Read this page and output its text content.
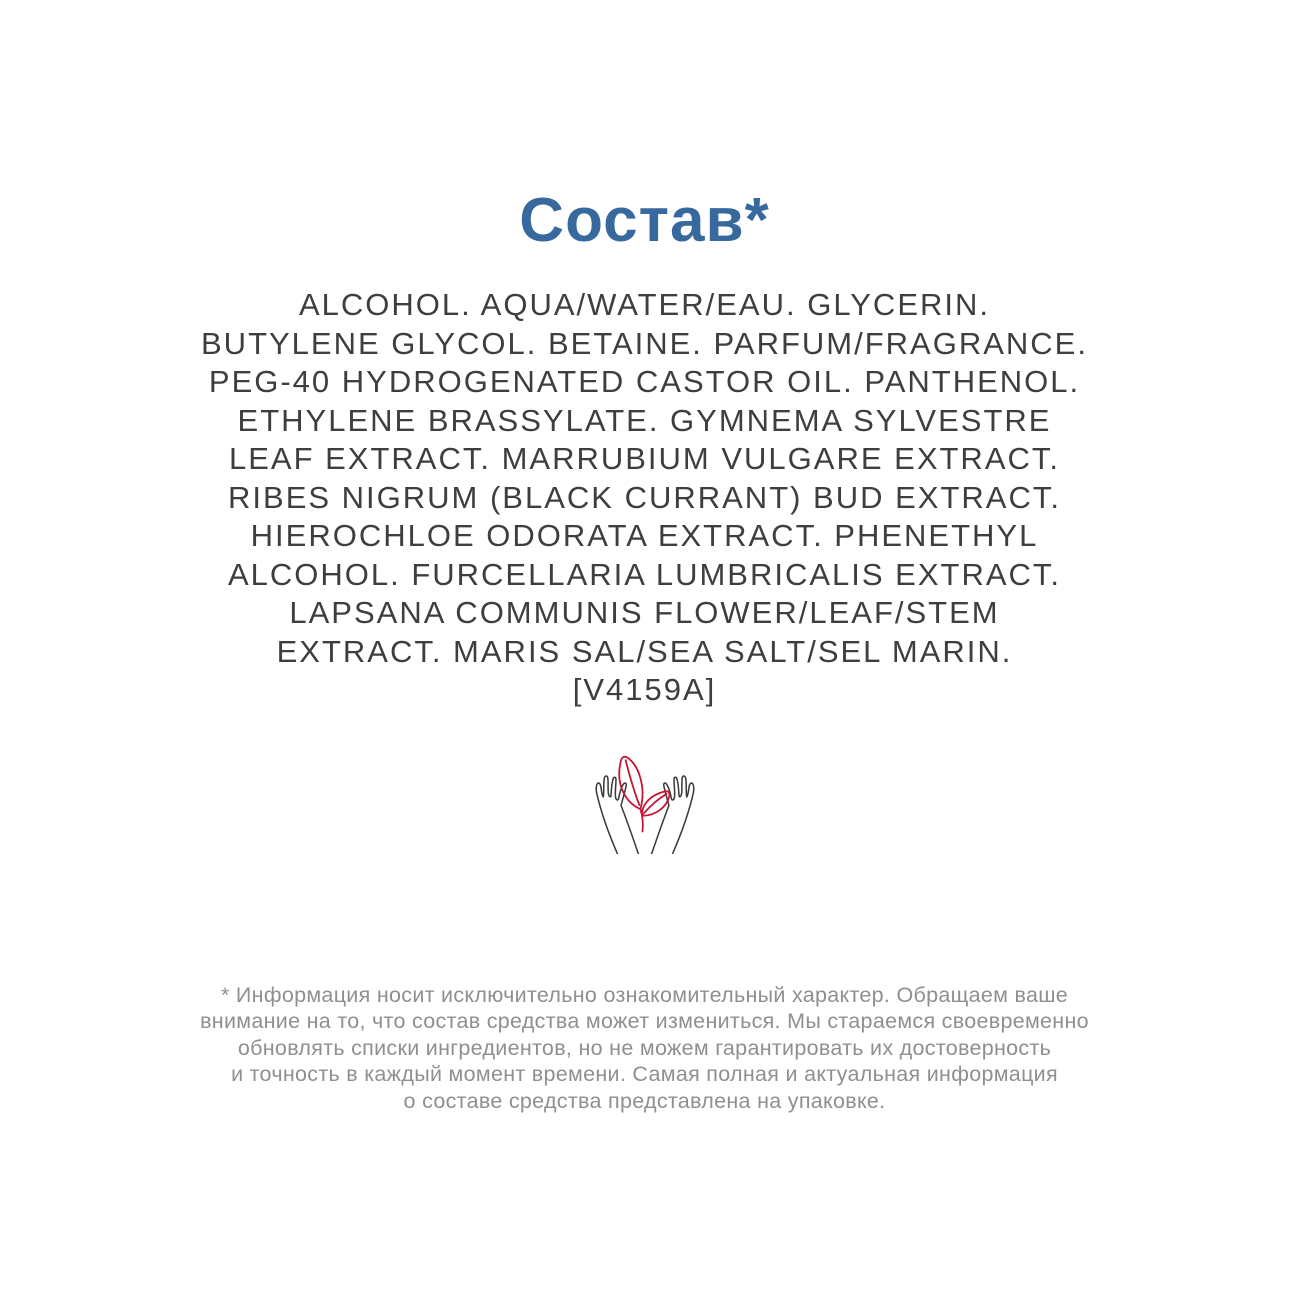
Состав*
ALCOHOL. AQUA/WATER/EAU. GLYCERIN.
BUTYLENE GLYCOL. BETAINE. PARFUM/FRAGRANCE.
PEG-40 HYDROGENATED CASTOR OIL. PANTHENOL.
ETHYLENE BRASSYLATE. GYMNEMA SYLVESTRE
LEAF EXTRACT. MARRUBIUM VULGARE EXTRACT.
RIBES NIGRUM (BLACK CURRANT) BUD EXTRACT.
HIEROCHLOE ODORATA EXTRACT. PHENETHYL
ALCOHOL. FURCELLARIA LUMBRICALIS EXTRACT.
LAPSANA COMMUNIS FLOWER/LEAF/STEM
EXTRACT. MARIS SAL/SEA SALT/SEL MARIN.
[V4159A]
* Информация носит исключительно ознакомительный характер. Обращаем ваше
внимание на то, что состав средства может измениться. Мы стараемся своевременно
обновлять списки ингредиентов, но не можем гарантировать их достоверность
и точность в каждый момент времени. Самая полная и актуальная информация
о составе средства представлена на упаковке.
